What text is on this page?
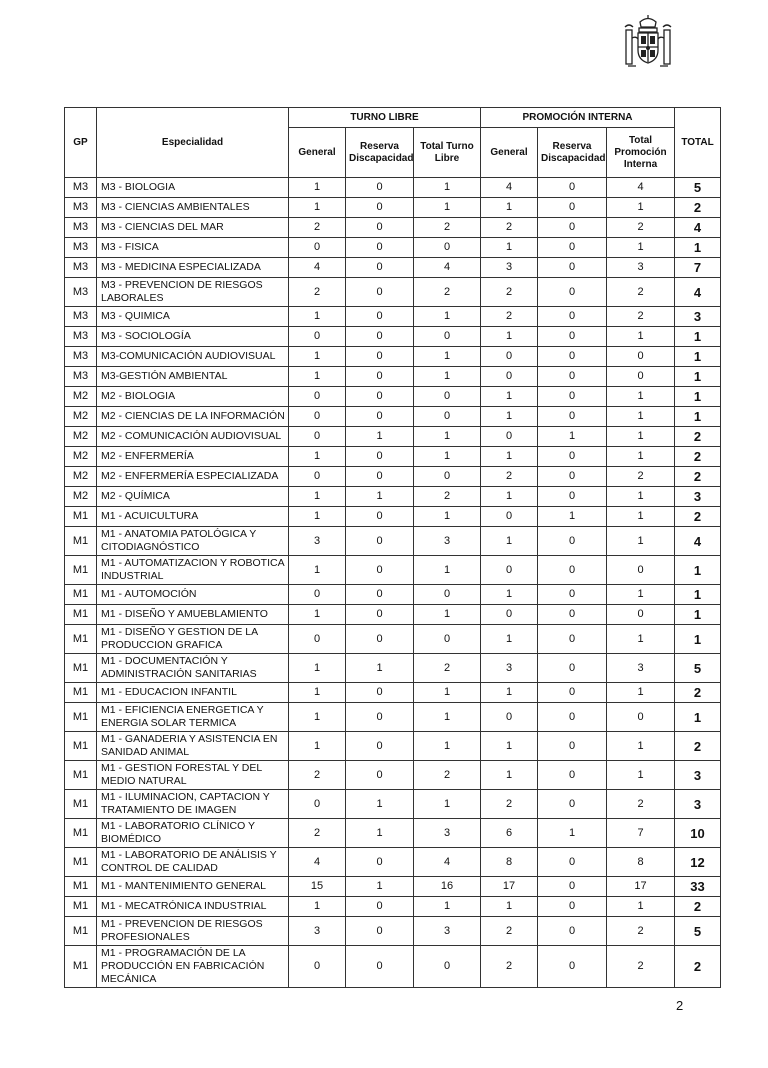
GP	Especialidad	TURNO LIBRE			PROMOCIÓN INTERNA			TOTAL
		General	Reserva Discapacidad	Total Turno Libre	General	Reserva Discapacidad	Total Promoción Interna	
M3	M3 - BIOLOGIA	1	0	1	4	0	4	5
M3	M3 - CIENCIAS AMBIENTALES	1	0	1	1	0	1	2
M3	M3 - CIENCIAS DEL MAR	2	0	2	2	0	2	4
M3	M3 - FISICA	0	0	0	1	0	1	1
M3	M3 - MEDICINA ESPECIALIZADA	4	0	4	3	0	3	7
M3	M3 - PREVENCION DE RIESGOS LABORALES	2	0	2	2	0	2	4
M3	M3 - QUIMICA	1	0	1	2	0	2	3
M3	M3 - SOCIOLOGÍA	0	0	0	1	0	1	1
M3	M3-COMUNICACIÓN AUDIOVISUAL	1	0	1	0	0	0	1
M3	M3-GESTIÓN AMBIENTAL	1	0	1	0	0	0	1
M2	M2 - BIOLOGIA	0	0	0	1	0	1	1
M2	M2 - CIENCIAS DE LA INFORMACIÓN	0	0	0	1	0	1	1
M2	M2 - COMUNICACIÓN AUDIOVISUAL	0	1	1	0	1	1	2
M2	M2 - ENFERMERÍA	1	0	1	1	0	1	2
M2	M2 - ENFERMERÍA ESPECIALIZADA	0	0	0	2	0	2	2
M2	M2 - QUÍMICA	1	1	2	1	0	1	3
M1	M1 - ACUICULTURA	1	0	1	0	1	1	2
M1	M1 - ANATOMIA PATOLÓGICA Y CITODIAGNÓSTICO	3	0	3	1	0	1	4
M1	M1 - AUTOMATIZACION Y ROBOTICA INDUSTRIAL	1	0	1	0	0	0	1
M1	M1 - AUTOMOCIÓN	0	0	0	1	0	1	1
M1	M1 - DISEÑO Y AMUEBLAMIENTO	1	0	1	0	0	0	1
M1	M1 - DISEÑO Y GESTION DE LA PRODUCCION GRAFICA	0	0	0	1	0	1	1
M1	M1 - DOCUMENTACIÓN Y ADMINISTRACIÓN SANITARIAS	1	1	2	3	0	3	5
M1	M1 - EDUCACION INFANTIL	1	0	1	1	0	1	2
M1	M1 - EFICIENCIA ENERGETICA Y ENERGIA SOLAR TERMICA	1	0	1	0	0	0	1
M1	M1 - GANADERIA Y ASISTENCIA EN SANIDAD ANIMAL	1	0	1	1	0	1	2
M1	M1 - GESTION FORESTAL Y DEL MEDIO NATURAL	2	0	2	1	0	1	3
M1	M1 - ILUMINACION, CAPTACION Y TRATAMIENTO DE IMAGEN	0	1	1	2	0	2	3
M1	M1 - LABORATORIO CLÍNICO Y BIOMÉDICO	2	1	3	6	1	7	10
M1	M1 - LABORATORIO DE ANÁLISIS Y CONTROL DE CALIDAD	4	0	4	8	0	8	12
M1	M1 - MANTENIMIENTO GENERAL	15	1	16	17	0	17	33
M1	M1 - MECATRÓNICA INDUSTRIAL	1	0	1	1	0	1	2
M1	M1 - PREVENCION DE RIESGOS PROFESIONALES	3	0	3	2	0	2	5
M1	M1 - PROGRAMACIÓN DE LA PRODUCCIÓN EN FABRICACIÓN MECÁNICA	0	0	0	2	0	2	2
2
